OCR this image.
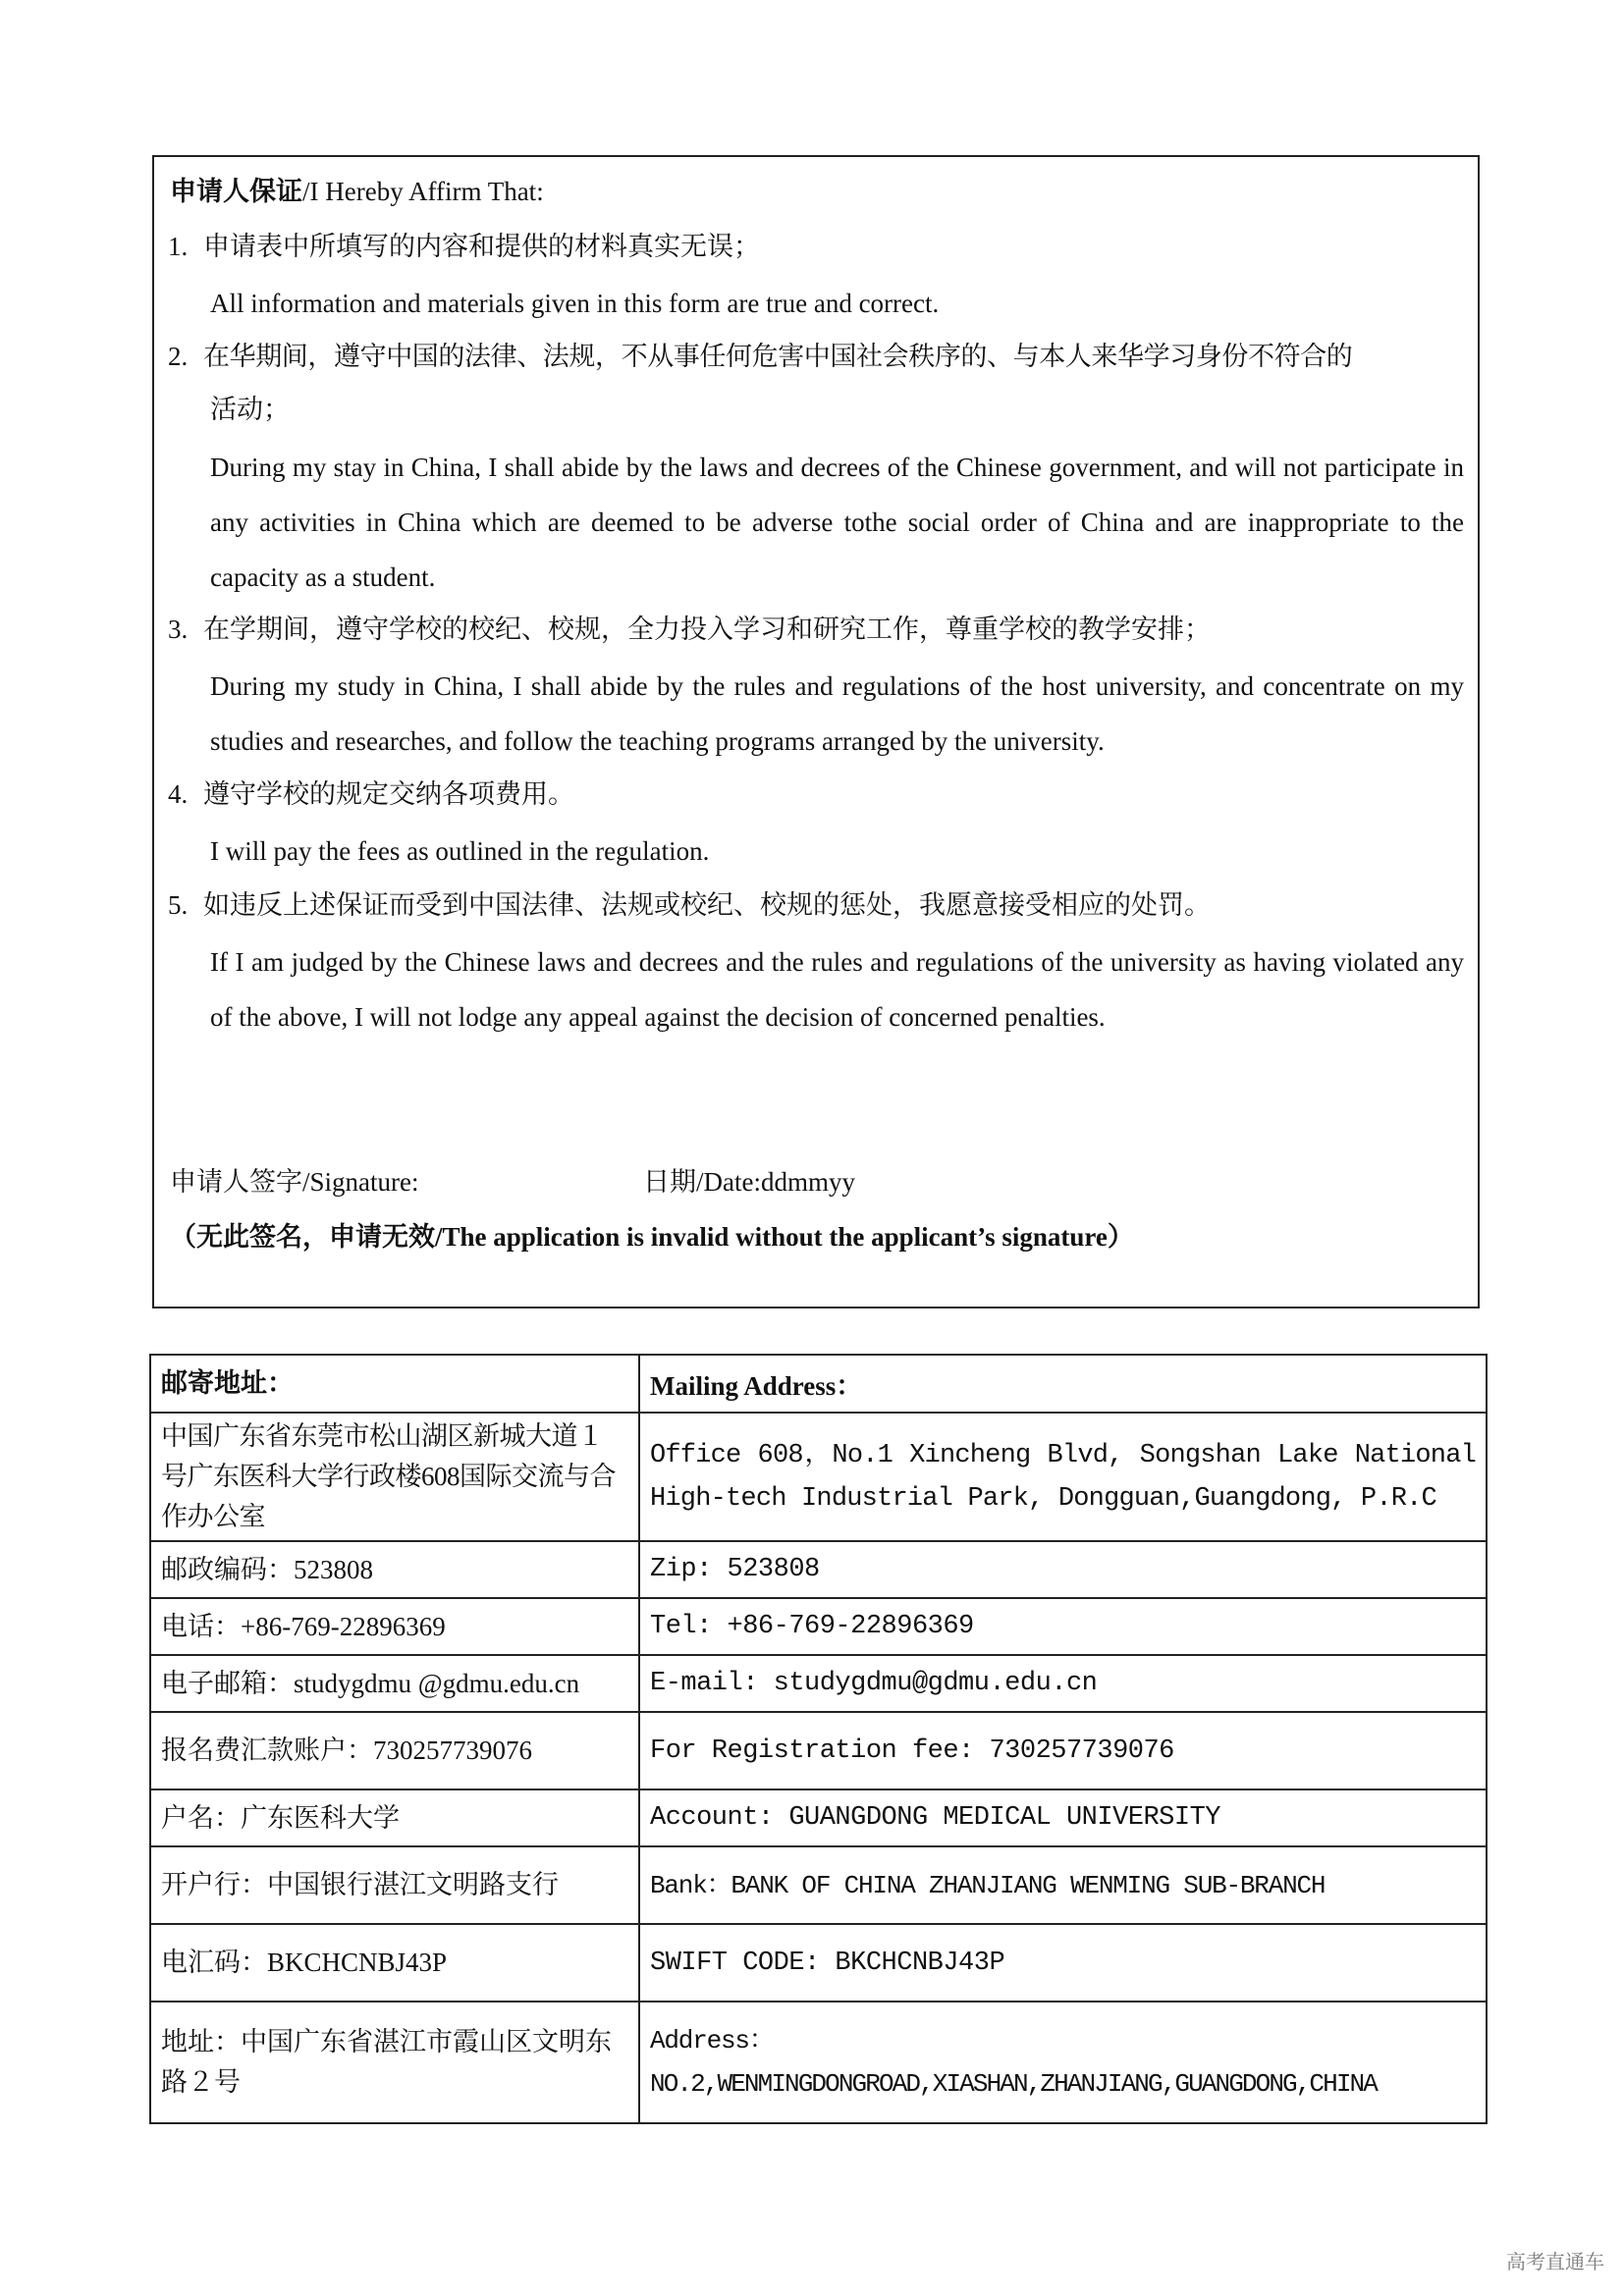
申请人保证/I Hereby Affirm That:
1. 申请表中所填写的内容和提供的材料真实无误；
All information and materials given in this form are true and correct.
2. 在华期间，遵守中国的法律、法规，不从事任何危害中国社会秩序的、与本人来华学习身份不符合的
活动；
During my stay in China, I shall abide by the laws and decrees of the Chinese government, and will not participate in any activities in China which are deemed to be adverse tothe social order of China and are inappropriate to the capacity as a student.
3. 在学期间，遵守学校的校纪、校规，全力投入学习和研究工作，尊重学校的教学安排；
During my study in China, I shall abide by the rules and regulations of the host university, and concentrate on my studies and researches, and follow the teaching programs arranged by the university.
4. 遵守学校的规定交纳各项费用。
I will pay the fees as outlined in the regulation.
5. 如违反上述保证而受到中国法律、法规或校纪、校规的惩处，我愿意接受相应的处罚。
If I am judged by the Chinese laws and decrees and the rules and regulations of the university as having violated any of the above, I will not lodge any appeal against the decision of concerned penalties.
申请人签字/Signature:	日期/Date:ddmmyy
（无此签名，申请无效/The application is invalid without the applicant’s signature）
邮寄地址：	Mailing Address：
中国广东省东莞市松山湖区新城大道１号广东医科大学行政楼608国际交流与合作办公室	Office 608，No.1 Xincheng Blvd, Songshan Lake National High-tech Industrial Park, Dongguan,Guangdong, P.R.C
邮政编码：523808	Zip: 523808
电话：+86-769-22896369	Tel: +86-769-22896369
电子邮箱：studygdmu @gdmu.edu.cn	E-mail: studygdmu@gdmu.edu.cn
报名费汇款账户：730257739076	For Registration fee: 730257739076
户名：广东医科大学	Account: GUANGDONG MEDICAL UNIVERSITY
开户行：中国银行湛江文明路支行	Bank：BANK OF CHINA ZHANJIANG WENMING SUB-BRANCH
电汇码：BKCHCNBJ43P	SWIFT CODE: BKCHCNBJ43P
地址：中国广东省湛江市霞山区文明东路２号	Address：
NO.2,WENMINGDONGROAD,XIASHAN,ZHANJIANG,GUANGDONG,CHINA
高考直通车
